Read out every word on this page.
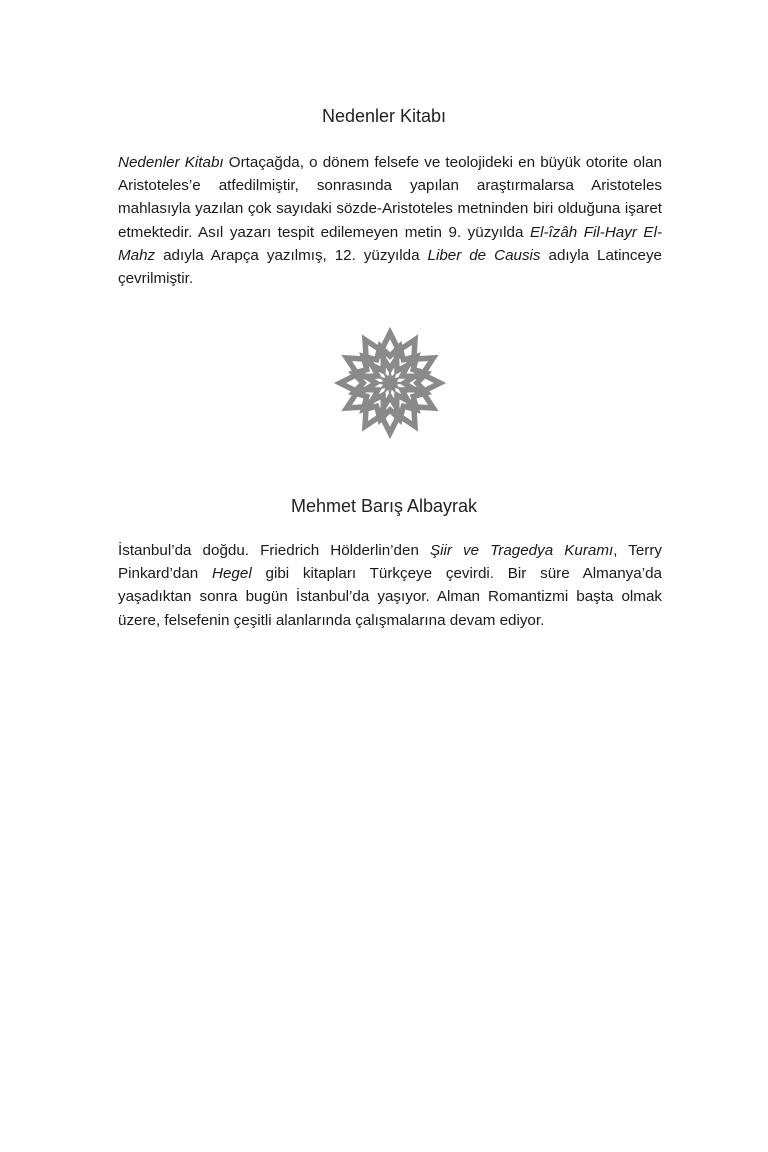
Nedenler Kitabı
Nedenler Kitabı Ortaçağda, o dönem felsefe ve teolojideki en büyük otorite olan Aristoteles’e atfedilmiştir, sonrasında yapılan araştırmalarsa Aristoteles mahlasıyla yazılan çok sayıdaki sözde-Aristoteles metninden biri olduğuna işaret etmektedir. Asıl yazarı tespit edilemeyen metin 9. yüzyılda El-îzâh Fil-Hayr El-Mahz adıyla Arapça yazılmış, 12. yüzyılda Liber de Causis adıyla Latinceye çevrilmiştir.
Mehmet Barış Albayrak
İstanbul’da doğdu. Friedrich Hölderlin’den Şiir ve Tragedya Kuramı, Terry Pinkard’dan Hegel gibi kitapları Türkçeye çevirdi. Bir süre Almanya’da yaşadıktan sonra bugün İstanbul’da yaşıyor. Alman Romantizmi başta olmak üzere, felsefenin çeşitli alanlarında çalışmalarına devam ediyor.
